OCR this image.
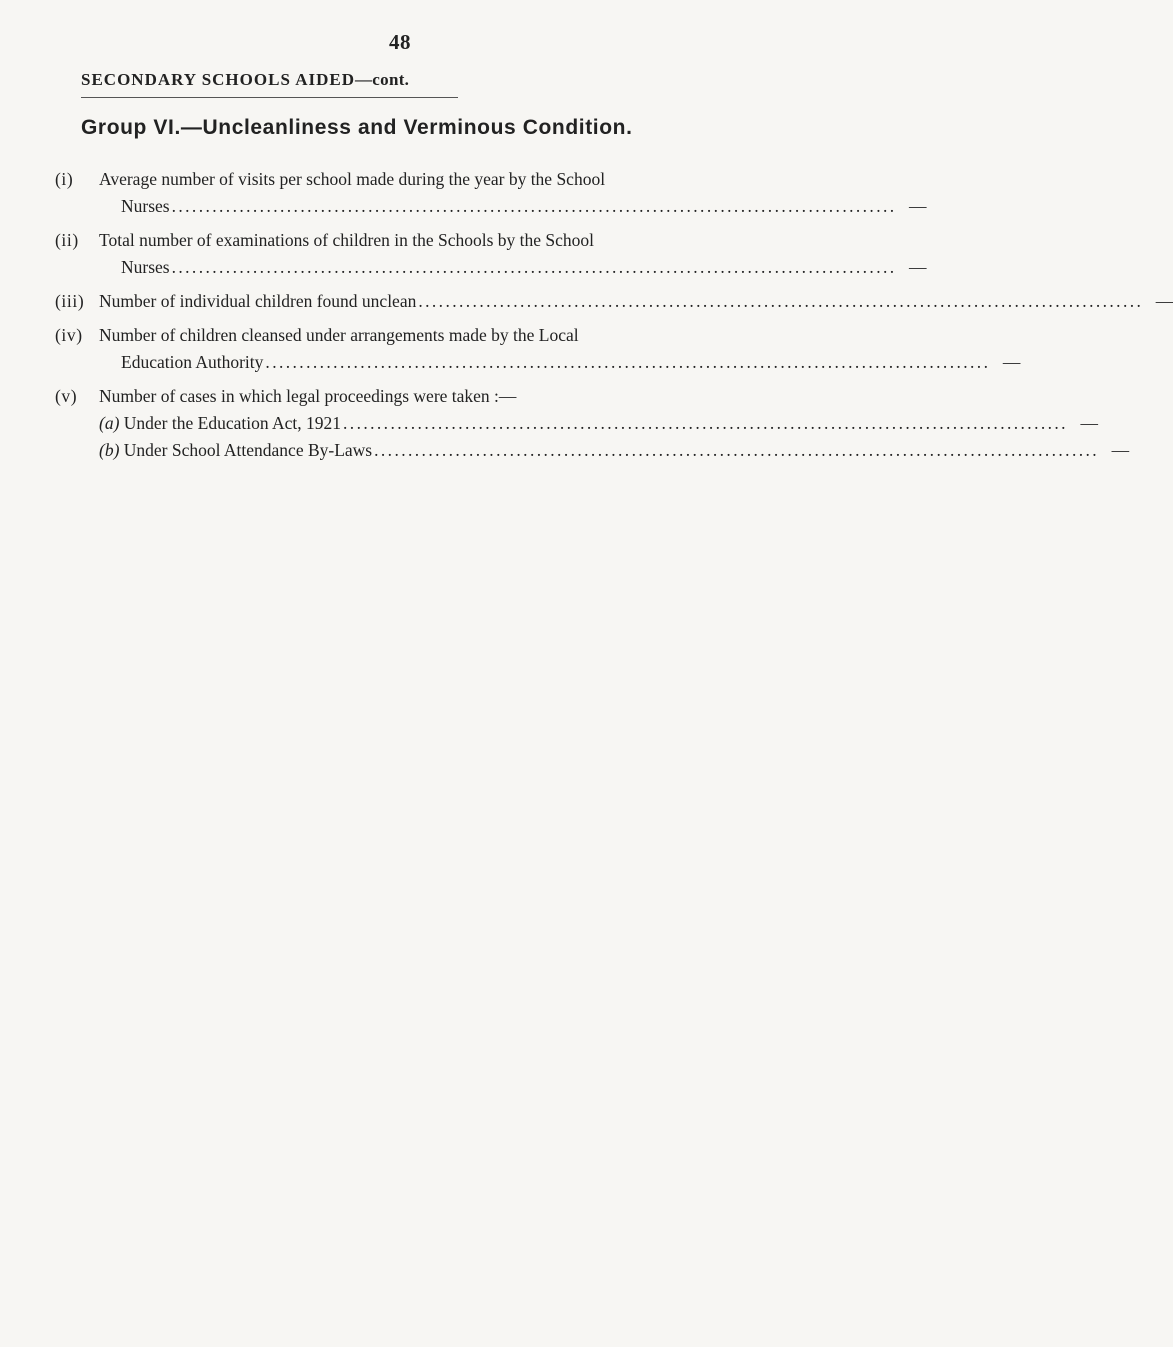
48
SECONDARY SCHOOLS AIDED—cont.
Group VI.—Uncleanliness and Verminous Condition.
(i)	Average number of visits per school made during the year by the School
Nurses ........................................................................................................... —
(ii)	Total number of examinations of children in the Schools by the School
Nurses ........................................................................................................... —
(iii) Number of individual children found unclean ........................................................................................................... —
(iv) Number of children cleansed under arrangements made by the Local
Education Authority ........................................................................................................... —
(v)	Number of cases in which legal proceedings were taken :—
(a) Under the Education Act, 1921 ........................................................................................................... —
(b) Under School Attendance By-Laws ........................................................................................................... —
